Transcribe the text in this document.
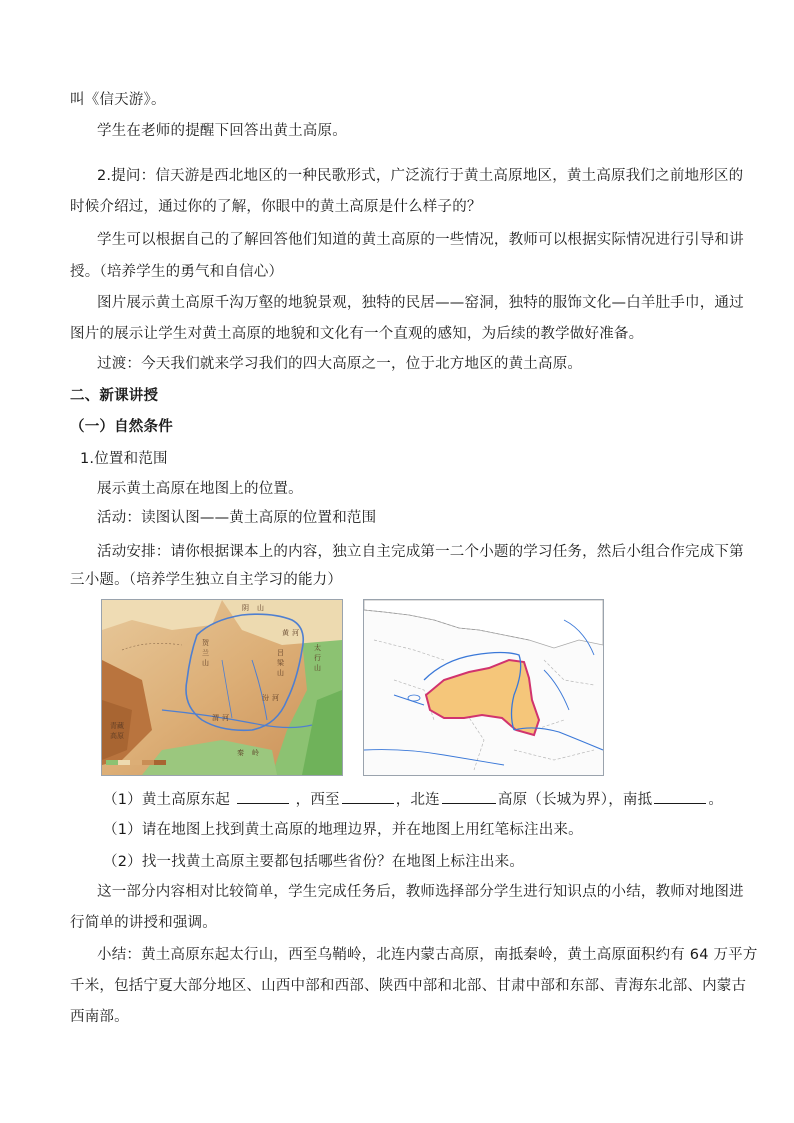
叫《信天游》。
学生在老师的提醒下回答出黄土高原。
2.提问：信天游是西北地区的一种民歌形式，广泛流行于黄土高原地区，黄土高原我们之前地形区的
时候介绍过，通过你的了解，你眼中的黄土高原是什么样子的？
学生可以根据自己的了解回答他们知道的黄土高原的一些情况，教师可以根据实际情况进行引导和讲
授。（培养学生的勇气和自信心）
图片展示黄土高原千沟万壑的地貌景观，独特的民居——窑洞，独特的服饰文化—白羊肚手巾，通过
图片的展示让学生对黄土高原的地貌和文化有一个直观的感知，为后续的教学做好准备。
过渡：今天我们就来学习我们的四大高原之一，位于北方地区的黄土高原。
二、新课讲授
（一）自然条件
1.位置和范围
展示黄土高原在地图上的位置。
活动：读图认图——黄土高原的位置和范围
活动安排：请你根据课本上的内容，独立自主完成第一二个小题的学习任务，然后小组合作完成下第
三小题。（培养学生独立自主学习的能力）
阴 山
贺
兰
山
吕
梁
山
太
行
山
黄 河
秦 岭
青藏
高原
渭 河
汾 河
（1）黄土高原东起	，西至	，北连	高原（长城为界），南抵	。
（1）请在地图上找到黄土高原的地理边界，并在地图上用红笔标注出来。
（2）找一找黄土高原主要都包括哪些省份？在地图上标注出来。
这一部分内容相对比较简单，学生完成任务后，教师选择部分学生进行知识点的小结，教师对地图进
行简单的讲授和强调。
小结：黄土高原东起太行山，西至乌鞘岭，北连内蒙古高原，南抵秦岭，黄土高原面积约有 64 万平方
千米，包括宁夏大部分地区、山西中部和西部、陕西中部和北部、甘肃中部和东部、青海东北部、内蒙古
西南部。
